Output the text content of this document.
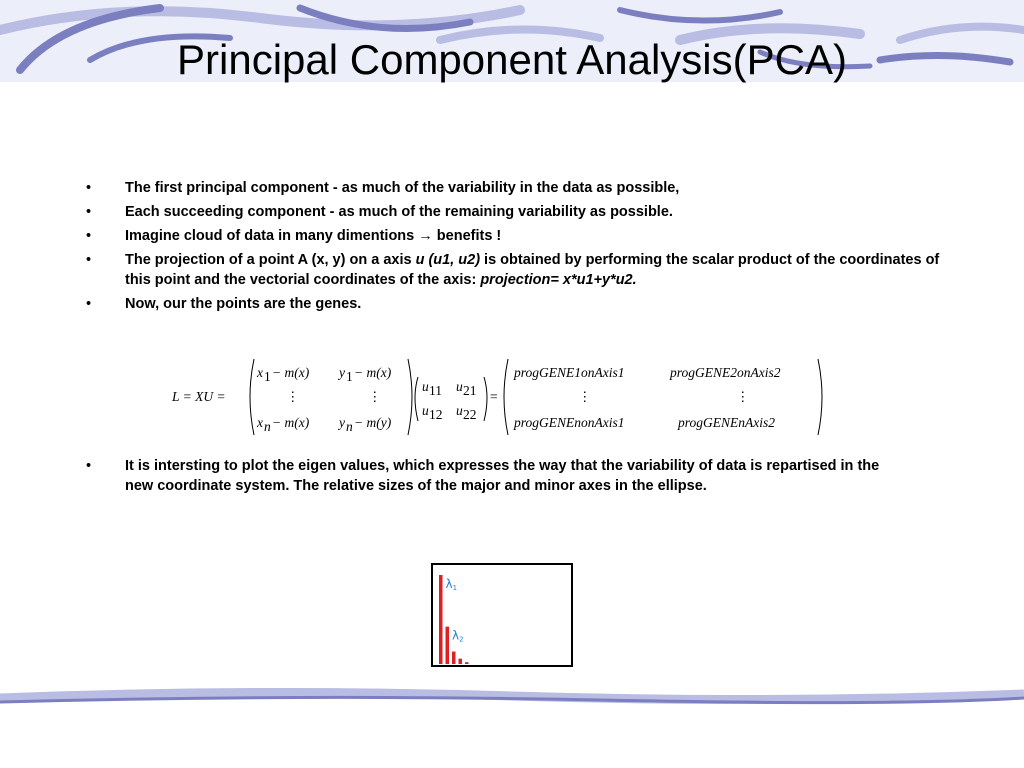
Principal Component Analysis(PCA)
• The first principal component - as much of the variability in the data as possible,
• Each succeeding component - as much of the remaining variability as possible.
• Imagine cloud of data in many dimentions → benefits !
• The projection of a point A (x, y) on a axis u (u1, u2) is obtained by performing the scalar product of the coordinates of this point and the vectorial coordinates of the axis: projection= x*u1+y*u2.
• Now, our the points are the genes.
L = XU =
x 1 − m(x) y 1 − m(x)
⋮	⋮
x n − m(x) y n − m(y)
u 11 u 21
u 12 u 22
=
progGENE1onAxis1	progGENE2onAxis2
⋮	⋮
progGENEnonAxis1	progGENEnAxis2
• It is intersting to plot the eigen values, which expresses the way that the variability of data is repartised in the new coordinate system. The relative sizes of the major and minor axes in the ellipse.
λ1
λ2
